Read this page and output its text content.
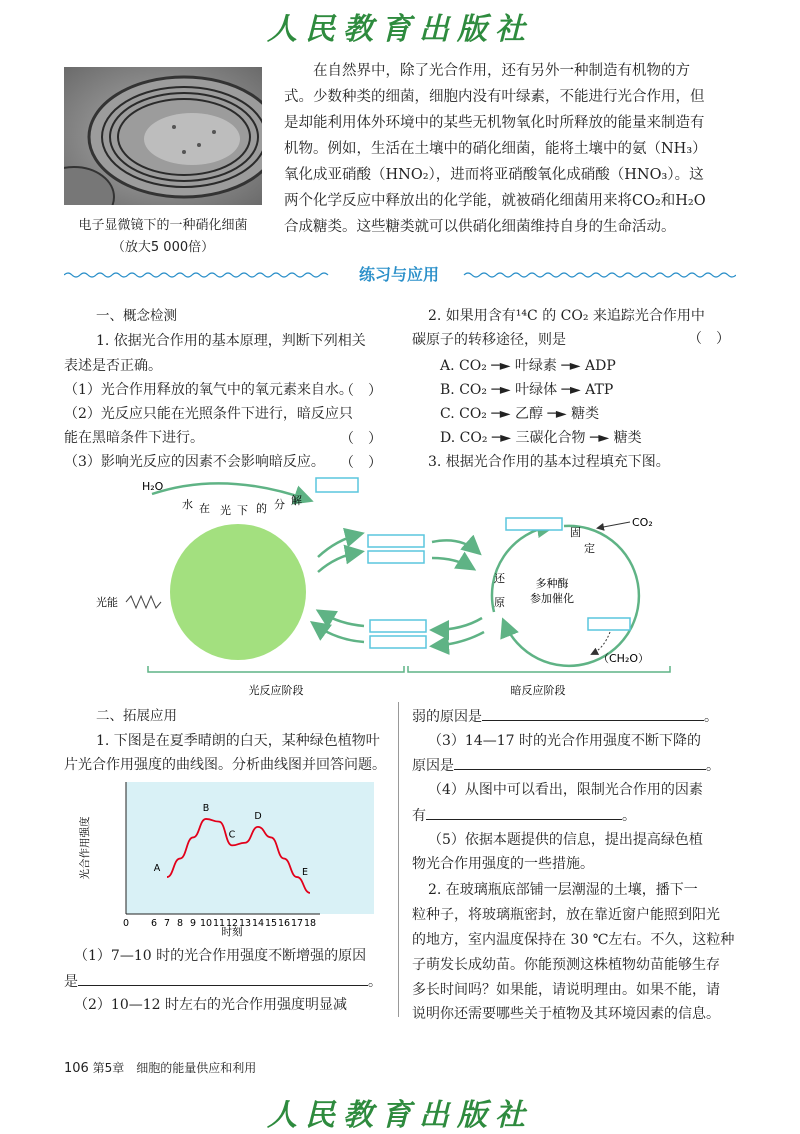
人民教育出版社
电子显微镜下的一种硝化细菌
（放大5 000倍）
在自然界中，除了光合作用，还有另外一种制造有机物的方
式。少数种类的细菌，细胞内没有叶绿素，不能进行光合作用，但
是却能利用体外环境中的某些无机物氧化时所释放的能量来制造有
机物。例如，生活在土壤中的硝化细菌，能将土壤中的氨（NH₃）
氧化成亚硝酸（HNO₂），进而将亚硝酸氧化成硝酸（HNO₃）。这
两个化学反应中释放出的化学能，就被硝化细菌用来将CO₂和H₂O
合成糖类。这些糖类就可以供硝化细菌维持自身的生命活动。
练习与应用
一、概念检测
1. 依据光合作用的基本原理，判断下列相关
表述是否正确。
（1）光合作用释放的氧气中的氧元素来自水。
（　）
（2）光反应只能在光照条件下进行，暗反应只
能在黑暗条件下进行。	（　）
（3）影响光反应的因素不会影响暗反应。 （　）
2. 如果用含有¹⁴C 的 CO₂ 来追踪光合作用中
碳原子的转移途径，则是	（　）
A. CO₂ ─► 叶绿素 ─► ADP
B. CO₂ ─► 叶绿体 ─► ATP
C. CO₂ ─► 乙醇 ─► 糖类
D. CO₂ ─► 三碳化合物 ─► 糖类
3. 根据光合作用的基本过程填充下图。
H₂O
水 在 光 下 的 分 解
光能
CO₂
固
定
还
原
多种酶
参加催化
（CH₂O）
光反应阶段	暗反应阶段
二、拓展应用
1. 下图是在夏季晴朗的白天，某种绿色植物叶
片光合作用强度的曲线图。分析曲线图并回答问题。
光合作用强度
时刻
0 6 7 8 9 10 11 12 13 14 15 16 17 18
A
B
C
D
E
（1）7—10 时的光合作用强度不断增强的原因
是	。
（2）10—12 时左右的光合作用强度明显减
弱的原因是	。
（3）14—17 时的光合作用强度不断下降的
原因是	。
（4）从图中可以看出，限制光合作用的因素
有	。
（5）依据本题提供的信息，提出提高绿色植
物光合作用强度的一些措施。
2. 在玻璃瓶底部铺一层潮湿的土壤，播下一
粒种子，将玻璃瓶密封，放在靠近窗户能照到阳光
的地方，室内温度保持在 30 ℃左右。不久，这粒种
子萌发长成幼苗。你能预测这株植物幼苗能够生存
多长时间吗？如果能，请说明理由。如果不能，请
说明你还需要哪些关于植物及其环境因素的信息。
106 第5章　细胞的能量供应和利用
人民教育出版社
